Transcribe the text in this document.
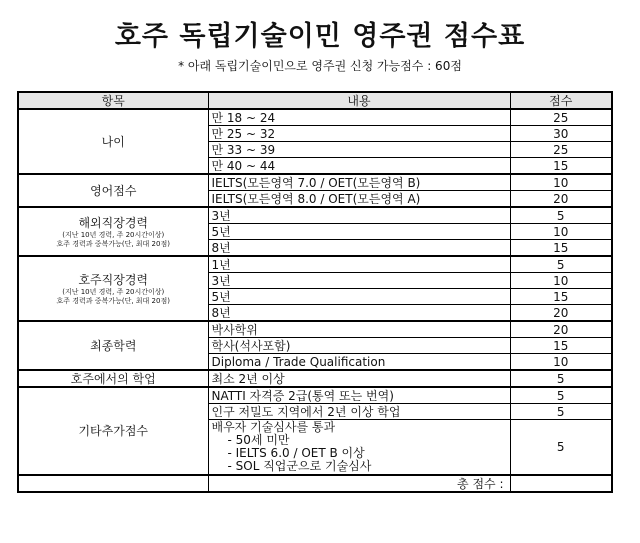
호주 독립기술이민 영주권 점수표
* 아래 독립기술이민으로 영주권 신청 가능점수 : 60점
항목	내용	점수
나이	만 18 ~ 24	25
	만 25 ~ 32	30
	만 33 ~ 39	25
	만 40 ~ 44	15
영어점수	IELTS(모든영역 7.0 / OET(모든영역 B)	10
	IELTS(모든영역 8.0 / OET(모든영역 A)	20

해외직장경력
(지난 10년 경력, 주 20시간이상)
호주 경력과 중복가능(단, 최대 20점)	3년	5
	5년	10
	8년	15

호주직장경력
(지난 10년 경력, 주 20시간이상)
호주 경력과 중복가능(단, 최대 20점)	1년	5
	3년	10
	5년	15
	8년	20
최종학력	박사학위	20
	학사(석사포함)	15
	Diploma / Trade Qualification	10
호주에서의 학업	최소 2년 이상	5
기타추가점수	NATTI 자격증 2급(통역 또는 번역)	5
	인구 저밀도 지역에서 2년 이상 학업	5

	배우자 기술심사를 통과
- 50세 미만
- IELTS 6.0 / OET B 이상
- SOL 직업군으로 기술심사	5
	총 점수 :	
